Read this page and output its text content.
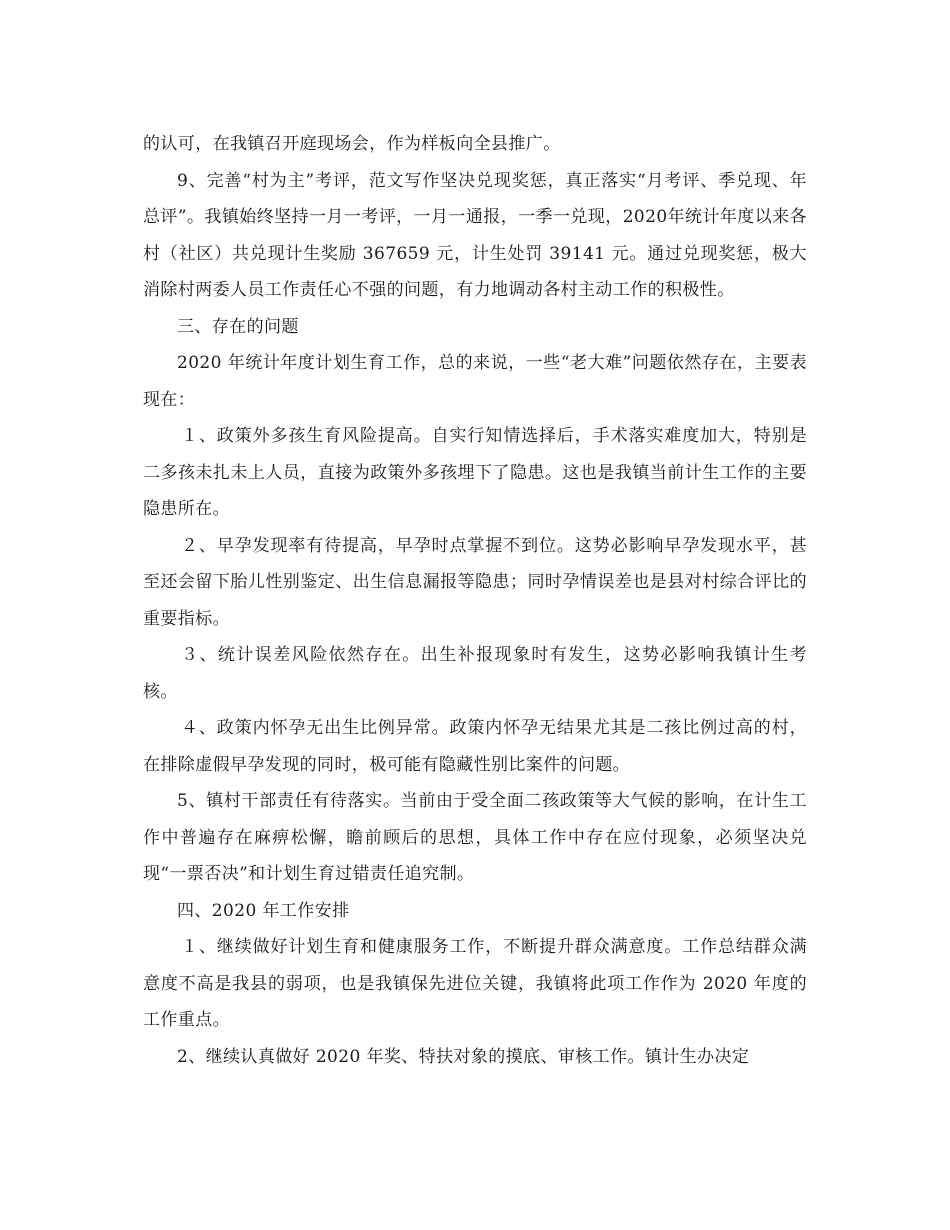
的认可，在我镇召开庭现场会，作为样板向全县推广。

9、完善“村为主”考评，范文写作坚决兑现奖惩，真正落实“月考评、季兑现、年总评”。我镇始终坚持一月一考评，一月一通报，一季一兑现，2020年统计年度以来各村（社区）共兑现计生奖励 367659 元，计生处罚 39141 元。通过兑现奖惩，极大消除村两委人员工作责任心不强的问题，有力地调动各村主动工作的积极性。

三、存在的问题

2020 年统计年度计划生育工作，总的来说，一些“老大难”问题依然存在，主要表现在：

１、政策外多孩生育风险提高。自实行知情选择后，手术落实难度加大，特别是二多孩未扎未上人员，直接为政策外多孩埋下了隐患。这也是我镇当前计生工作的主要隐患所在。

２、早孕发现率有待提高，早孕时点掌握不到位。这势必影响早孕发现水平，甚至还会留下胎儿性别鉴定、出生信息漏报等隐患；同时孕情误差也是县对村综合评比的重要指标。

３、统计误差风险依然存在。出生补报现象时有发生，这势必影响我镇计生考核。

４、政策内怀孕无出生比例异常。政策内怀孕无结果尤其是二孩比例过高的村，在排除虚假早孕发现的同时，极可能有隐藏性别比案件的问题。

5、镇村干部责任有待落实。当前由于受全面二孩政策等大气候的影响，在计生工作中普遍存在麻痹松懈，瞻前顾后的思想，具体工作中存在应付现象，必须坚决兑现“一票否决”和计划生育过错责任追究制。

四、2020 年工作安排

１、继续做好计划生育和健康服务工作，不断提升群众满意度。工作总结群众满意度不高是我县的弱项，也是我镇保先进位关键，我镇将此项工作作为 2020 年度的工作重点。

2、继续认真做好 2020 年奖、特扶对象的摸底、审核工作。镇计生办决定
